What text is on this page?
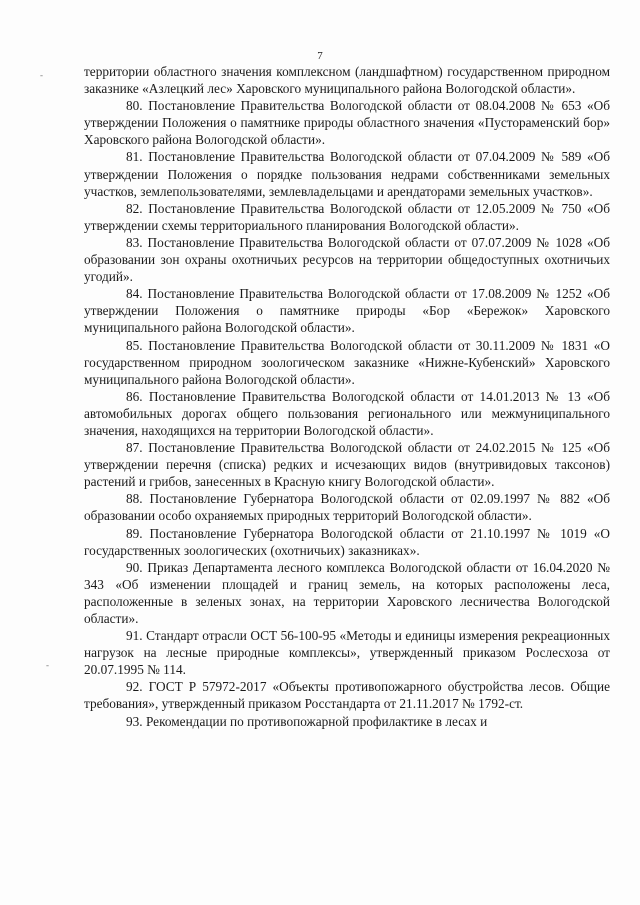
7
-
-

территории областного значения комплексном (ландшафтном) государственном природном заказнике «Азлецкий лес» Харовского муниципального района Вологодской области».

80. Постановление Правительства Вологодской области от 08.04.2008 № 653 «Об утверждении Положения о памятнике природы областного значения «Пустораменский бор» Харовского района Вологодской области».

81. Постановление Правительства Вологодской области от 07.04.2009 № 589 «Об утверждении Положения о порядке пользования недрами собственниками земельных участков, землепользователями, землевладельцами и арендаторами земельных участков».

82. Постановление Правительства Вологодской области от 12.05.2009 № 750 «Об утверждении схемы территориального планирования Вологодской области».

83. Постановление Правительства Вологодской области от 07.07.2009 № 1028 «Об образовании зон охраны охотничьих ресурсов на территории общедоступных охотничьих угодий».

84. Постановление Правительства Вологодской области от 17.08.2009 № 1252 «Об утверждении Положения о памятнике природы «Бор «Бережок» Харовского муниципального района Вологодской области».

85. Постановление Правительства Вологодской области от 30.11.2009 № 1831 «О государственном природном зоологическом заказнике «Нижне-Кубенский» Харовского муниципального района Вологодской области».

86. Постановление Правительства Вологодской области от 14.01.2013 № 13 «Об автомобильных дорогах общего пользования регионального или межмуниципального значения, находящихся на территории Вологодской области».

87. Постановление Правительства Вологодской области от 24.02.2015 № 125 «Об утверждении перечня (списка) редких и исчезающих видов (внутривидовых таксонов) растений и грибов, занесенных в Красную книгу Вологодской области».

88. Постановление Губернатора Вологодской области от 02.09.1997 № 882 «Об образовании особо охраняемых природных территорий Вологодской области».

89. Постановление Губернатора Вологодской области от 21.10.1997 № 1019 «О государственных зоологических (охотничьих) заказниках».

90. Приказ Департамента лесного комплекса Вологодской области от 16.04.2020 № 343 «Об изменении площадей и границ земель, на которых расположены леса, расположенные в зеленых зонах, на территории Харовского лесничества Вологодской области».

91. Стандарт отрасли ОСТ 56-100-95 «Методы и единицы измерения рекреационных нагрузок на лесные природные комплексы», утвержденный приказом Рослесхоза от 20.07.1995 № 114.

92. ГОСТ Р 57972-2017 «Объекты противопожарного обустройства лесов. Общие требования», утвержденный приказом Росстандарта от 21.11.2017 № 1792-ст.

93. Рекомендации по противопожарной профилактике в лесах и
